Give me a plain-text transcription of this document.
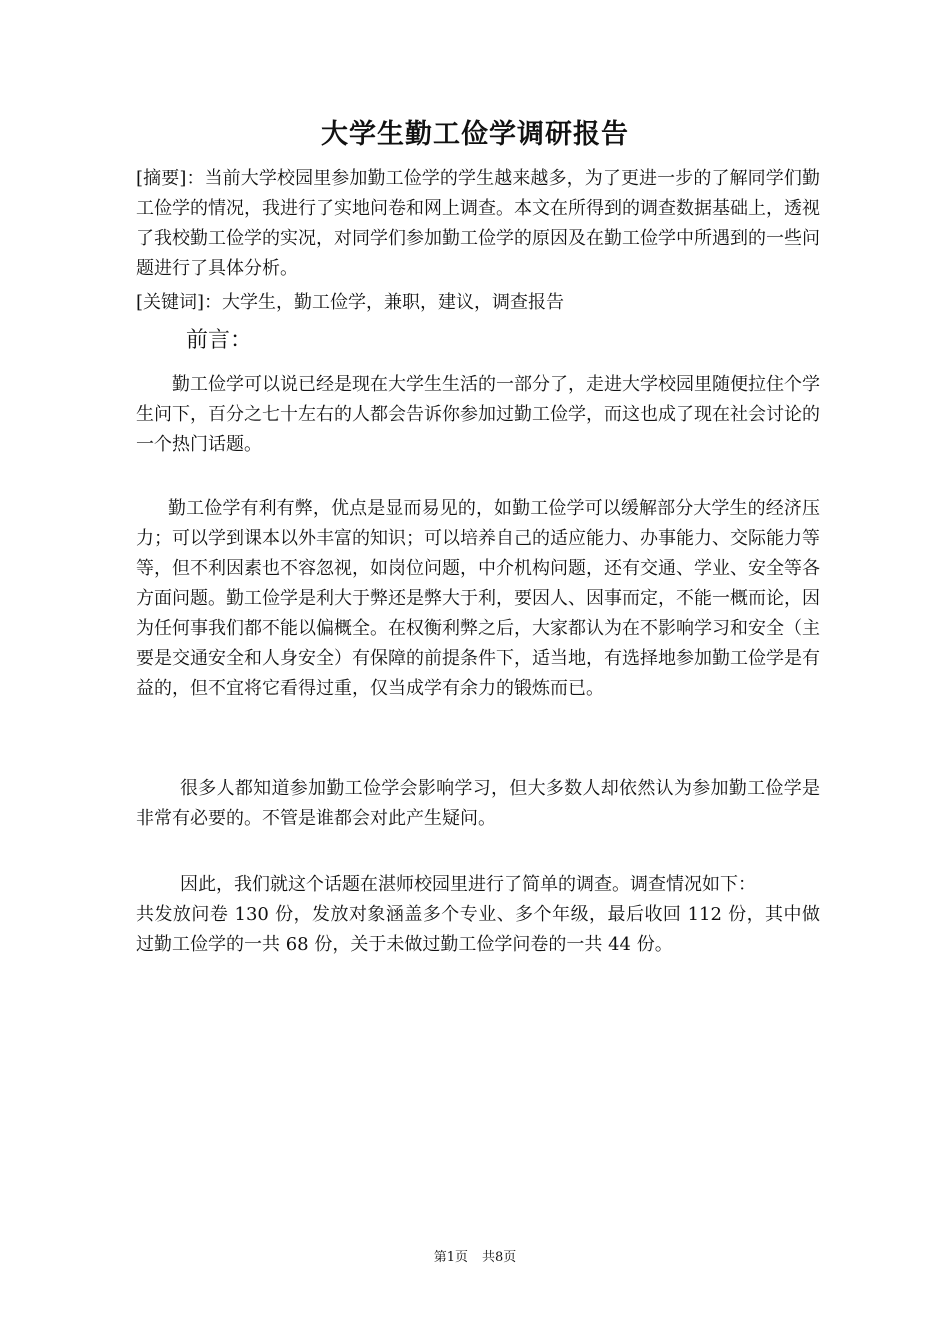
大学生勤工俭学调研报告

[摘要]：当前大学校园里参加勤工俭学的学生越来越多，为了更进一步的了解同学们勤工俭学的情况，我进行了实地问卷和网上调查。本文在所得到的调查数据基础上，透视了我校勤工俭学的实况，对同学们参加勤工俭学的原因及在勤工俭学中所遇到的一些问题进行了具体分析。

[关键词]：大学生，勤工俭学，兼职，建议，调查报告

前言：

勤工俭学可以说已经是现在大学生生活的一部分了，走进大学校园里随便拉住个学生问下，百分之七十左右的人都会告诉你参加过勤工俭学，而这也成了现在社会讨论的一个热门话题。

勤工俭学有利有弊，优点是显而易见的，如勤工俭学可以缓解部分大学生的经济压力；可以学到课本以外丰富的知识；可以培养自己的适应能力、办事能力、交际能力等等，但不利因素也不容忽视，如岗位问题，中介机构问题，还有交通、学业、安全等各方面问题。勤工俭学是利大于弊还是弊大于利，要因人、因事而定，不能一概而论，因为任何事我们都不能以偏概全。在权衡利弊之后，大家都认为在不影响学习和安全（主要是交通安全和人身安全）有保障的前提条件下，适当地，有选择地参加勤工俭学是有益的，但不宜将它看得过重，仅当成学有余力的锻炼而已。

很多人都知道参加勤工俭学会影响学习，但大多数人却依然认为参加勤工俭学是非常有必要的。不管是谁都会对此产生疑问。

因此，我们就这个话题在湛师校园里进行了简单的调查。调查情况如下：
共发放问卷 130 份，发放对象涵盖多个专业、多个年级，最后收回 112 份，其中做过勤工俭学的一共 68 份，关于未做过勤工俭学问卷的一共 44 份。
第1页 共8页
